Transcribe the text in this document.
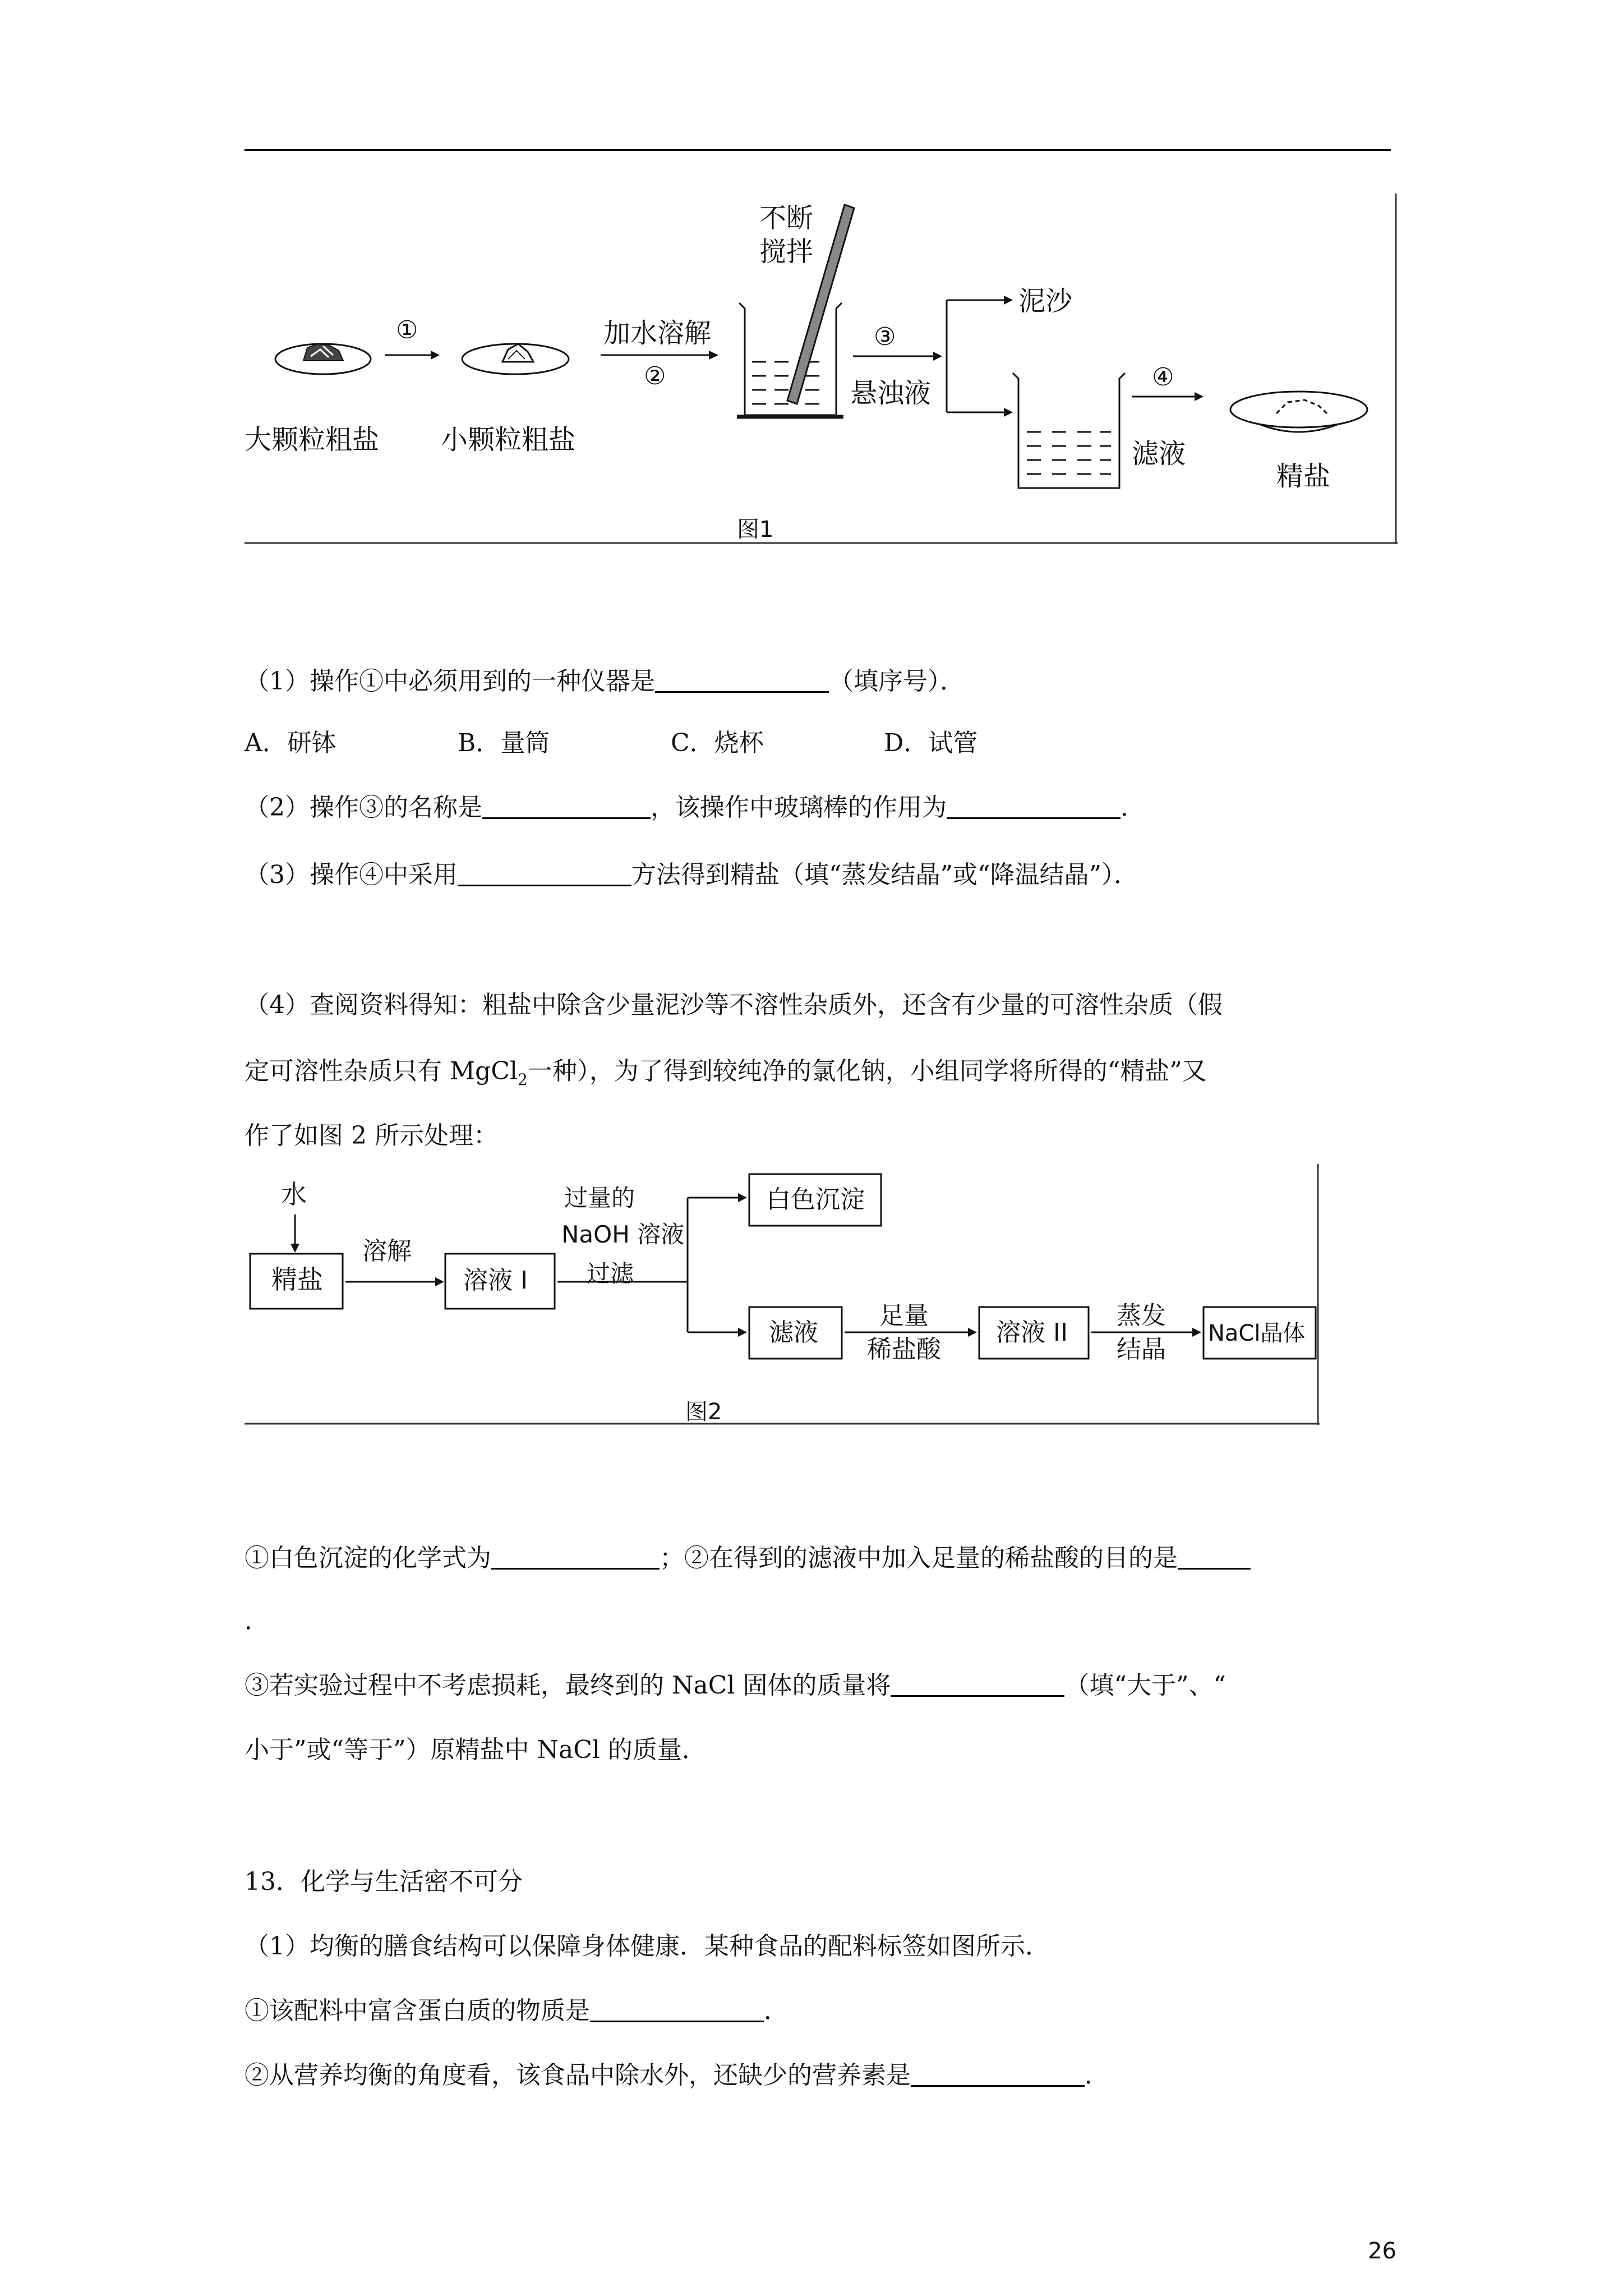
①
大颗粒粗盐 小颗粒粗盐
加水溶解
②
不断
搅拌
③
悬浊液
泥沙
④
滤液
精盐
图1
（1）操作①中必须用到的一种仪器是	（填序号）．
A．研钵	B．量筒	C．烧杯	D．试管
（2）操作③的名称是	，该操作中玻璃棒的作用为	．
（3）操作④中采用	方法得到精盐（填“蒸发结晶”或“降温结晶”）．
（4）查阅资料得知：粗盐中除含少量泥沙等不溶性杂质外，还含有少量的可溶性杂质（假
定可溶性杂质只有 MgCl$_2$一种），为了得到较纯净的氯化钠，小组同学将所得的“精盐”又
作了如图 2 所示处理：
水
精盐
溶解
溶液 I
过量的
NaOH 溶液
过滤
白色沉淀
滤液
足量
稀盐酸
溶液 II
蒸发
结晶
NaCl晶体
图2
①白色沉淀的化学式为	；②在得到的滤液中加入足量的稀盐酸的目的是
．
③若实验过程中不考虑损耗，最终到的 NaCl 固体的质量将	（填“大于”、“
小于”或“等于”）原精盐中 NaCl 的质量．
13．化学与生活密不可分
（1）均衡的膳食结构可以保障身体健康．某种食品的配料标签如图所示．
①该配料中富含蛋白质的物质是	．
②从营养均衡的角度看，该食品中除水外，还缺少的营养素是	．
26
